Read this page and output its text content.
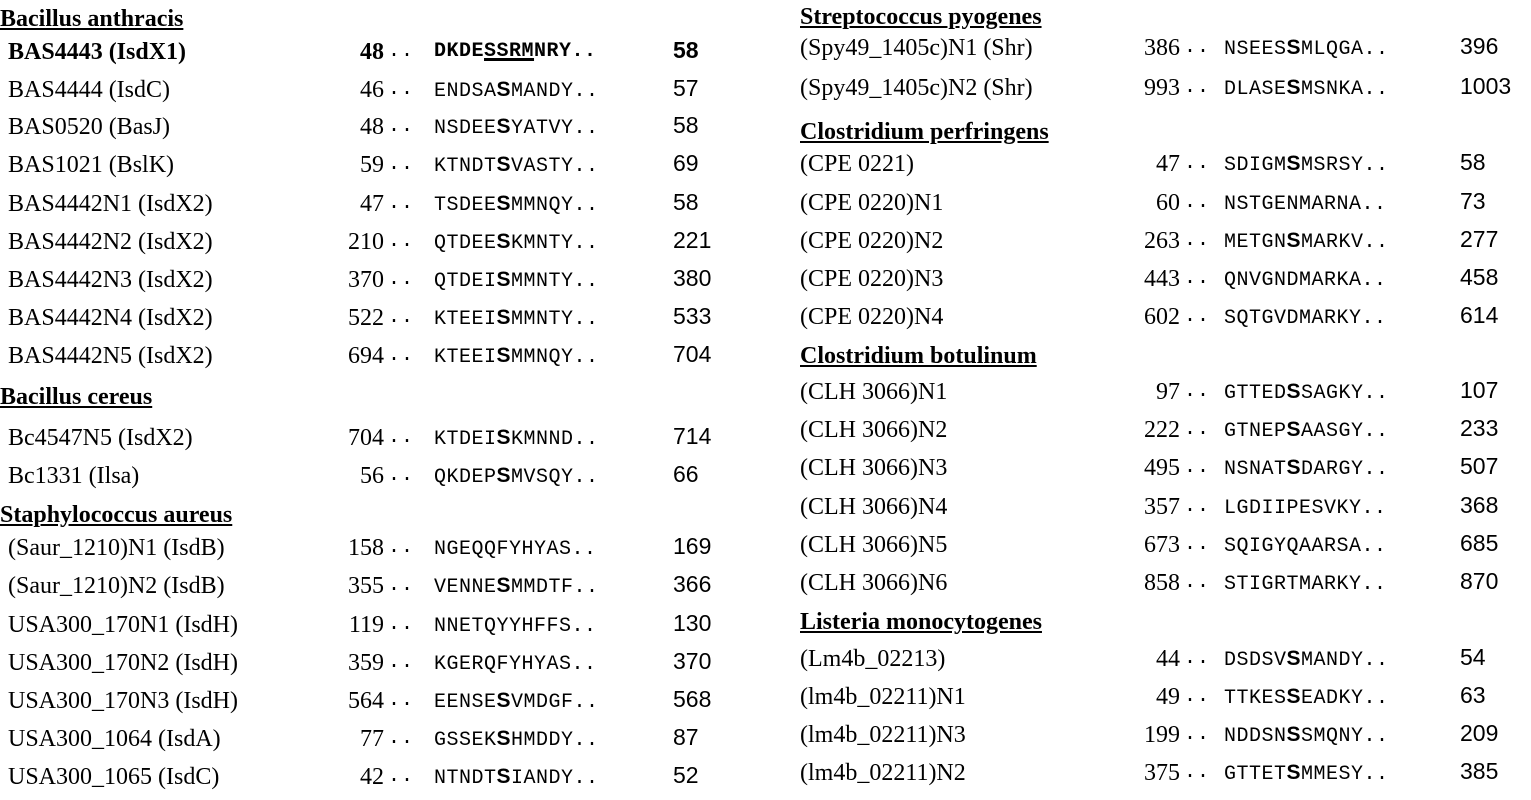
Bacillus anthracis
BAS4443 (IsdX1)	48 .. DKDESSRMNRY..	58
BAS4444 (IsdC)	46 .. ENDSASMANDY..	57
BAS0520 (BasJ)	48 .. NSDEESYATVY..	58
BAS1021 (BslK)	59 .. KTNDTSVASTY..	69
BAS4442N1 (IsdX2)	47 .. TSDEESMMNQY..	58
BAS4442N2 (IsdX2)	210 .. QTDEESKMNTY..	221
BAS4442N3 (IsdX2)	370 .. QTDEISMMNTY..	380
BAS4442N4 (IsdX2)	522 .. KTEEISMMNTY..	533
BAS4442N5 (IsdX2)	694 .. KTEEISMMNQY..	704
Bacillus cereus
Bc4547N5 (IsdX2)	704 .. KTDEISKMNND..	714
Bc1331 (Ilsa)	56 .. QKDEPSMVSQY..	66
Staphylococcus aureus
(Saur_1210)N1 (IsdB)	158 .. NGEQQFYHYAS..	169
(Saur_1210)N2 (IsdB)	355 .. VENNESMMDTF..	366
USA300_170N1 (IsdH)	119 .. NNETQYYHFFS..	130
USA300_170N2 (IsdH)	359 .. KGERQFYHYAS..	370
USA300_170N3 (IsdH)	564 .. EENSESVMDGF..	568
USA300_1064 (IsdA)	77 .. GSSEKSHMDDY..	87
USA300_1065 (IsdC)	42 .. NTNDTSIANDY..	52
Streptococcus pyogenes
(Spy49_1405c)N1 (Shr)	386 .. NSEESSMLQGA..	396
(Spy49_1405c)N2 (Shr)	993 .. DLASESMSNKA..	1003
Clostridium perfringens
(CPE 0221)	47 .. SDIGMSMSRSY..	58
(CPE 0220)N1	60 .. NSTGENMARNA..	73
(CPE 0220)N2	263 .. METGNSMARKV..	277
(CPE 0220)N3	443 .. QNVGNDMARKA..	458
(CPE 0220)N4	602 .. SQTGVDMARKY..	614
Clostridium botulinum
(CLH 3066)N1	97 .. GTTEDSSAGKY..	107
(CLH 3066)N2	222 .. GTNEPSAASGY..	233
(CLH 3066)N3	495 .. NSNATSDARGY..	507
(CLH 3066)N4	357 .. LGDIIPESVKY..	368
(CLH 3066)N5	673 .. SQIGYQAARSA..	685
(CLH 3066)N6	858 .. STIGRTMARKY..	870
Listeria monocytogenes
(Lm4b_02213)	44 .. DSDSVSMANDY..	54
(lm4b_02211)N1	49 .. TTKESSEADKY..	63
(lm4b_02211)N3	199 .. NDDSNSSMQNY..	209
(lm4b_02211)N2	375 .. GTTETSMMESY..	385
